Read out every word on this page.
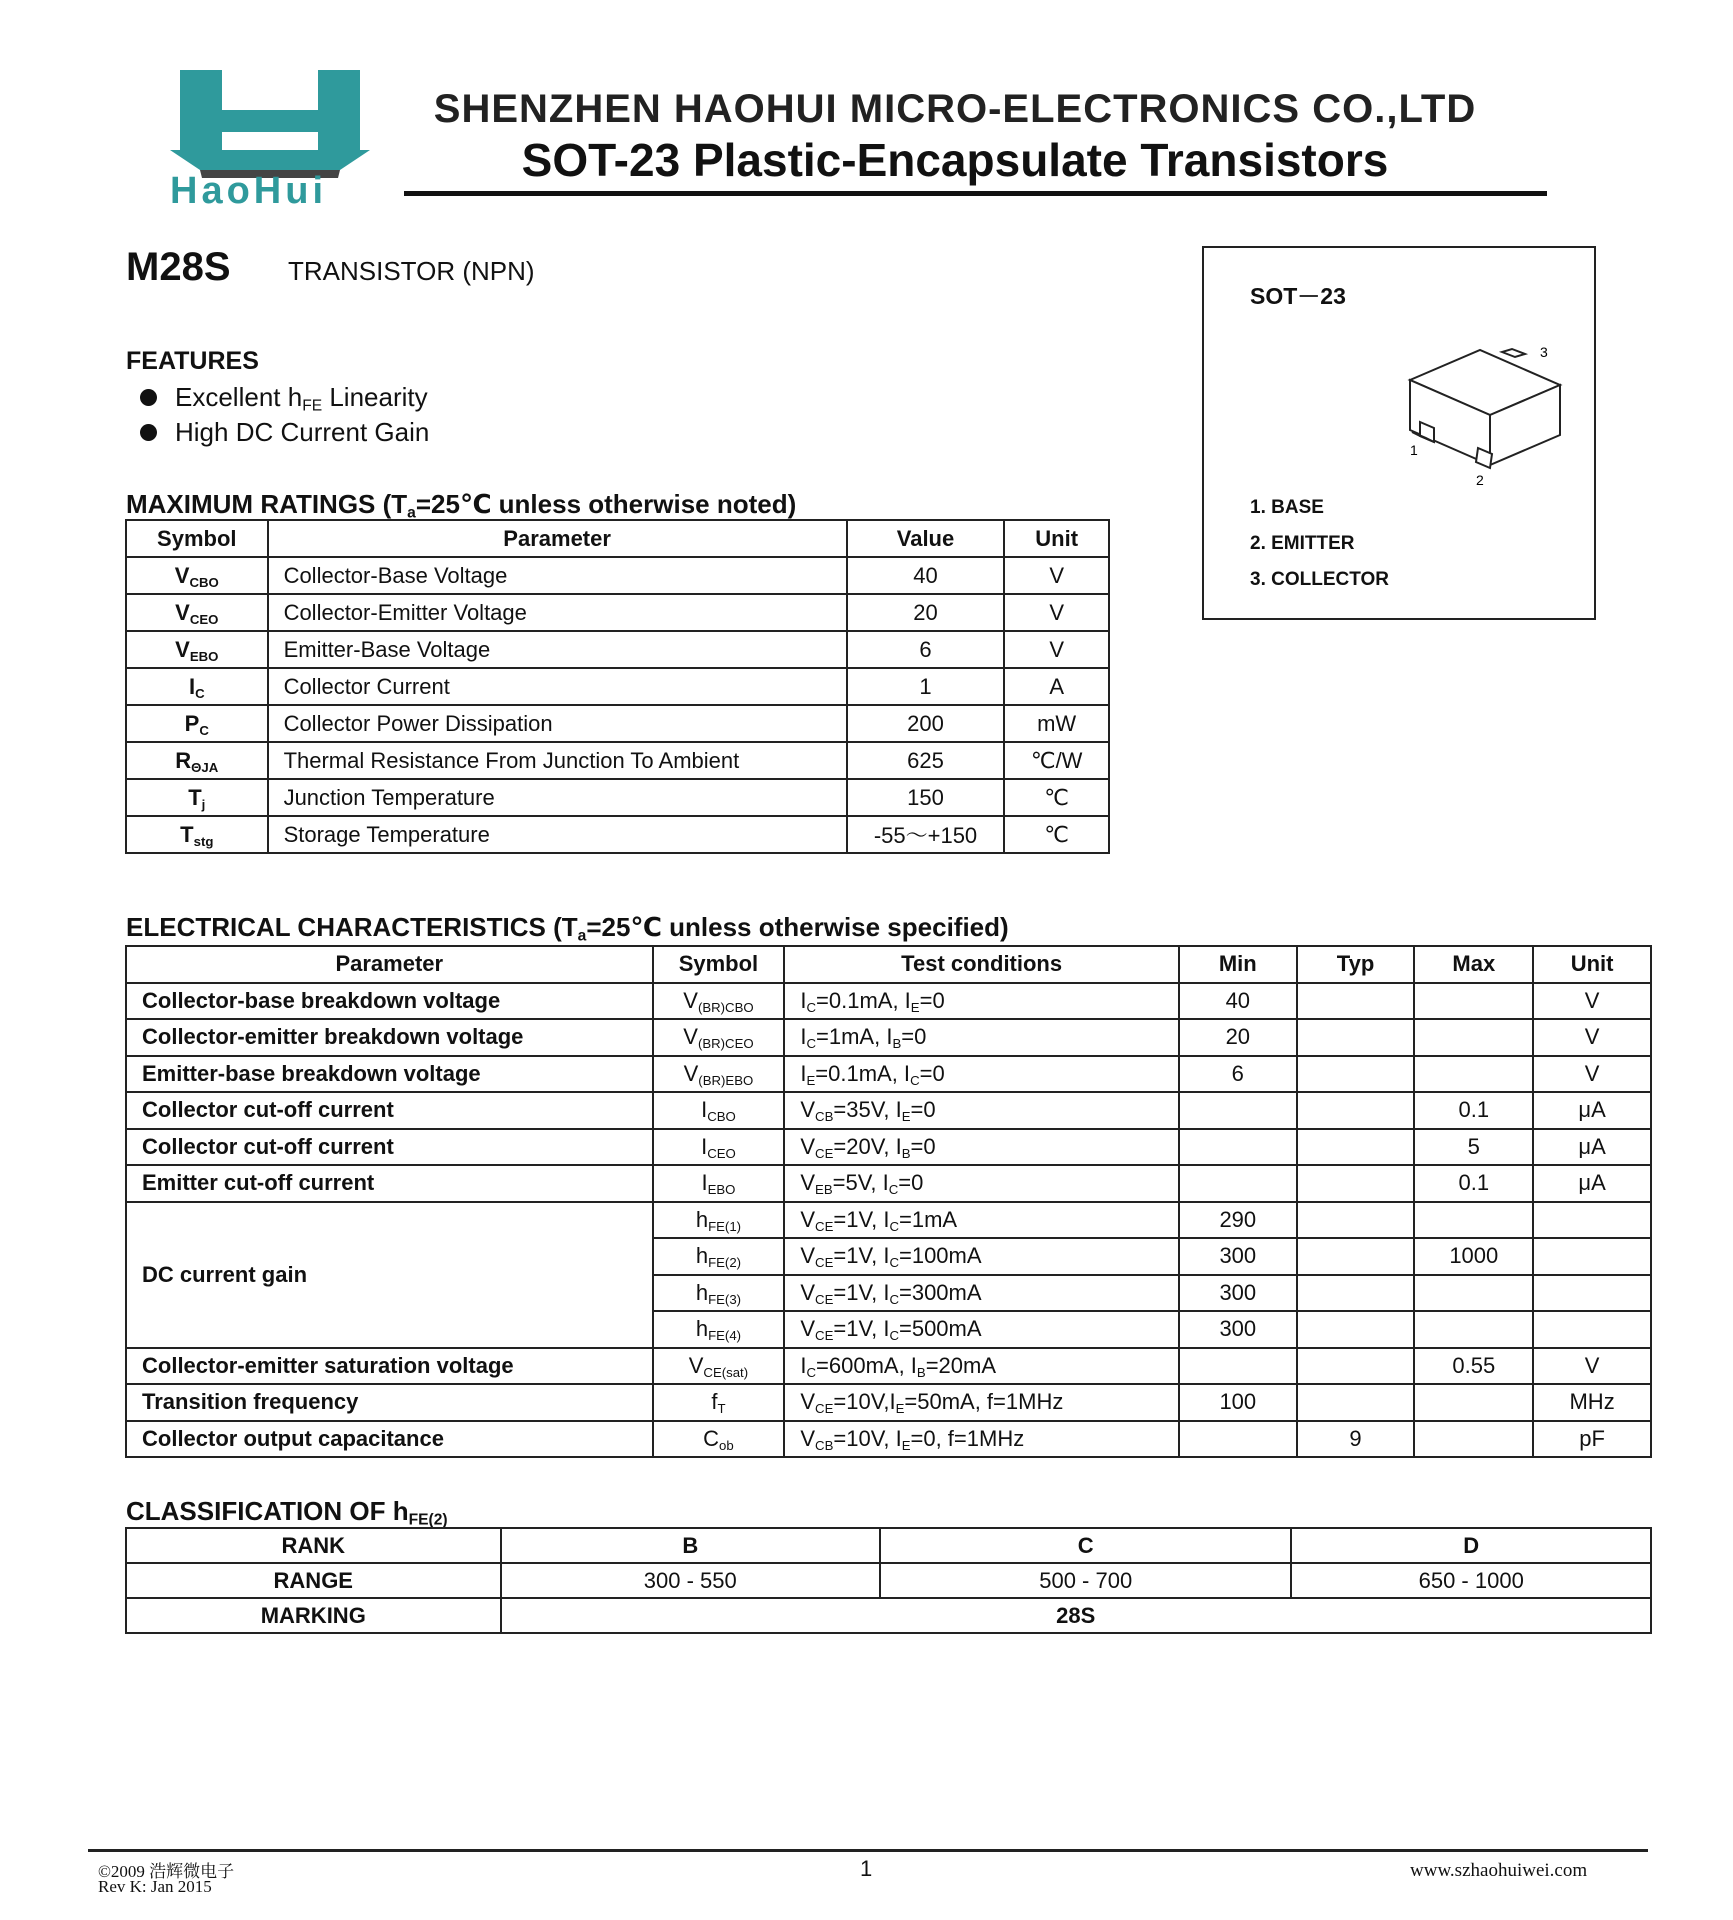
HaoHui
SHENZHEN HAOHUI MICRO-ELECTRONICS CO.,LTD
SOT-23 Plastic-Encapsulate Transistors
M28S TRANSISTOR (NPN)
SOT－23
1
2
3
1. BASE
2. EMITTER
3. COLLECTOR
FEATURES
Excellent $h_{FE}$ Linearity
High DC Current Gain
MAXIMUM RATINGS ($T_a=25℃$ unless otherwise noted)
Symbol	Parameter	Value	Unit
$V_{CBO}$	Collector-Base Voltage	40	V
$V_{CEO}$	Collector-Emitter Voltage	20	V
$V_{EBO}$	Emitter-Base Voltage	6	V
$I_C$	Collector Current	1	A
$P_C$	Collector Power Dissipation	200	mW
$R_{\Theta JA}$	Thermal Resistance From Junction To Ambient	625	℃/W
$T_j$	Junction Temperature	150	℃
$T_{stg}$	Storage Temperature	-55～+150	℃
ELECTRICAL CHARACTERISTICS ($T_a=25℃$ unless otherwise specified)
Parameter	Symbol	Test conditions	Min	Typ	Max	Unit
Collector-base breakdown voltage	$V_{(BR)CBO}$	$I_C=0.1mA$, $I_E=0$	40			V
Collector-emitter breakdown voltage	$V_{(BR)CEO}$	$I_C=1mA$, $I_B=0$	20			V
Emitter-base breakdown voltage	$V_{(BR)EBO}$	$I_E=0.1mA$, $I_C=0$	6			V
Collector cut-off current	$I_{CBO}$	$V_{CB}=35V$, $I_E=0$			0.1	μA
Collector cut-off current	$I_{CEO}$	$V_{CE}=20V$, $I_B=0$			5	μA
Emitter cut-off current	$I_{EBO}$	$V_{EB}=5V$, $I_C=0$			0.1	μA
DC current gain	$h_{FE(1)}$	$V_{CE}=1V$, $I_C=1mA$	290			
	$h_{FE(2)}$	$V_{CE}=1V$, $I_C=100mA$	300		1000	
	$h_{FE(3)}$	$V_{CE}=1V$, $I_C=300mA$	300			
	$h_{FE(4)}$	$V_{CE}=1V$, $I_C=500mA$	300			
Collector-emitter saturation voltage	$V_{CE(sat)}$	$I_C=600mA$, $I_B=20mA$			0.55	V
Transition frequency	$f_T$	$V_{CE}=10V,I_E=50mA$, f=1MHz	100			MHz
Collector output capacitance	$C_{ob}$	$V_{CB}=10V$, $I_E=0$, f=1MHz		9		pF
CLASSIFICATION OF $h_{FE(2)}$
RANK	B	C	D
RANGE	300 - 550	500 - 700	650 - 1000
MARKING	28S		
©2009 浩辉微电子
Rev K: Jan 2015
1	www.szhaohuiwei.com
